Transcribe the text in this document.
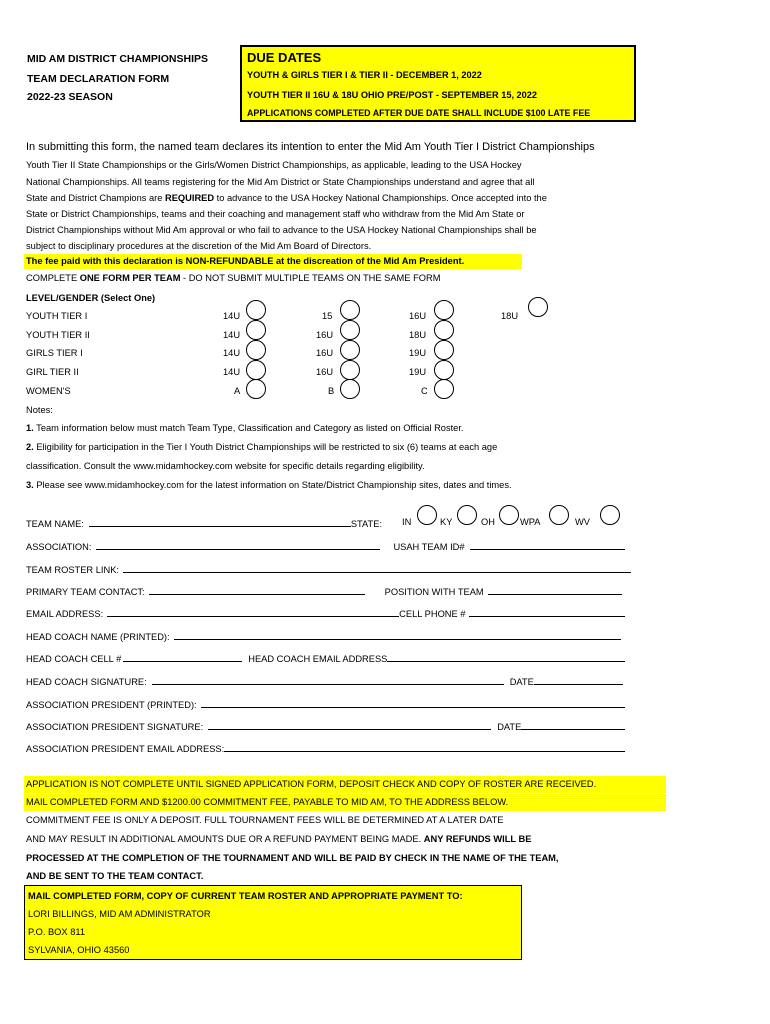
MID AM DISTRICT CHAMPIONSHIPS
TEAM DECLARATION FORM
2022-23 SEASON
DUE DATES
YOUTH & GIRLS TIER I & TIER II - DECEMBER 1, 2022
YOUTH TIER II 16U & 18U OHIO PRE/POST - SEPTEMBER 15, 2022
APPLICATIONS COMPLETED AFTER DUE DATE SHALL INCLUDE $100 LATE FEE
In submitting this form, the named team declares its intention to enter the Mid Am Youth Tier I District Championships
Youth Tier II State Championships or the Girls/Women District Championships, as applicable, leading to the USA Hockey
National Championships. All teams registering for the Mid Am District or State Championships understand and agree that all
State and District Champions are REQUIRED to advance to the USA Hockey National Championships. Once accepted into the
State or District Championships, teams and their coaching and management staff who withdraw from the Mid Am State or
District Championships without Mid Am approval or who fail to advance to the USA Hockey National Championships shall be
subject to disciplinary procedures at the discretion of the Mid Am Board of Directors.
The fee paid with this declaration is NON-REFUNDABLE at the discreation of the Mid Am President.
COMPLETE ONE FORM PER TEAM - DO NOT SUBMIT MULTIPLE TEAMS ON THE SAME FORM
LEVEL/GENDER (Select One)
YOUTH TIER I	14U	15	16U	18U
YOUTH TIER II	14U	16U	18U
GIRLS TIER I	14U	16U	19U
GIRL TIER II	14U	16U	19U
WOMEN'S	A	B	C
Notes:
1. Team information below must match Team Type, Classification and Category as listed on Official Roster.
2. Eligibility for participation in the Tier I Youth District Championships will be restricted to six (6) teams at each age
classification. Consult the www.midamhockey.com website for specific details regarding eligibility.
3. Please see www.midamhockey.com for the latest information on State/District Championship sites, dates and times.
TEAM NAME:	STATE: IN	KY	OH	WPA	WV
ASSOCIATION:	USAH TEAM ID#
TEAM ROSTER LINK:
PRIMARY TEAM CONTACT:	POSITION WITH TEAM
EMAIL ADDRESS:	CELL PHONE #
HEAD COACH NAME (PRINTED):
HEAD COACH CELL #	HEAD COACH EMAIL ADDRESS
HEAD COACH SIGNATURE:	DATE
ASSOCIATION PRESIDENT (PRINTED):
ASSOCIATION PRESIDENT SIGNATURE:	DATE
ASSOCIATION PRESIDENT EMAIL ADDRESS:
APPLICATION IS NOT COMPLETE UNTIL SIGNED APPLICATION FORM, DEPOSIT CHECK AND COPY OF ROSTER ARE RECEIVED.
MAIL COMPLETED FORM AND $1200.00 COMMITMENT FEE, PAYABLE TO MID AM, TO THE ADDRESS BELOW.
COMMITMENT FEE IS ONLY A DEPOSIT. FULL TOURNAMENT FEES WILL BE DETERMINED AT A LATER DATE
AND MAY RESULT IN ADDITIONAL AMOUNTS DUE OR A REFUND PAYMENT BEING MADE. ANY REFUNDS WILL BE
PROCESSED AT THE COMPLETION OF THE TOURNAMENT AND WILL BE PAID BY CHECK IN THE NAME OF THE TEAM,
AND BE SENT TO THE TEAM CONTACT.
MAIL COMPLETED FORM, COPY OF CURRENT TEAM ROSTER AND APPROPRIATE PAYMENT TO:
LORI BILLINGS, MID AM ADMINISTRATOR
P.O. BOX 811
SYLVANIA, OHIO 43560
